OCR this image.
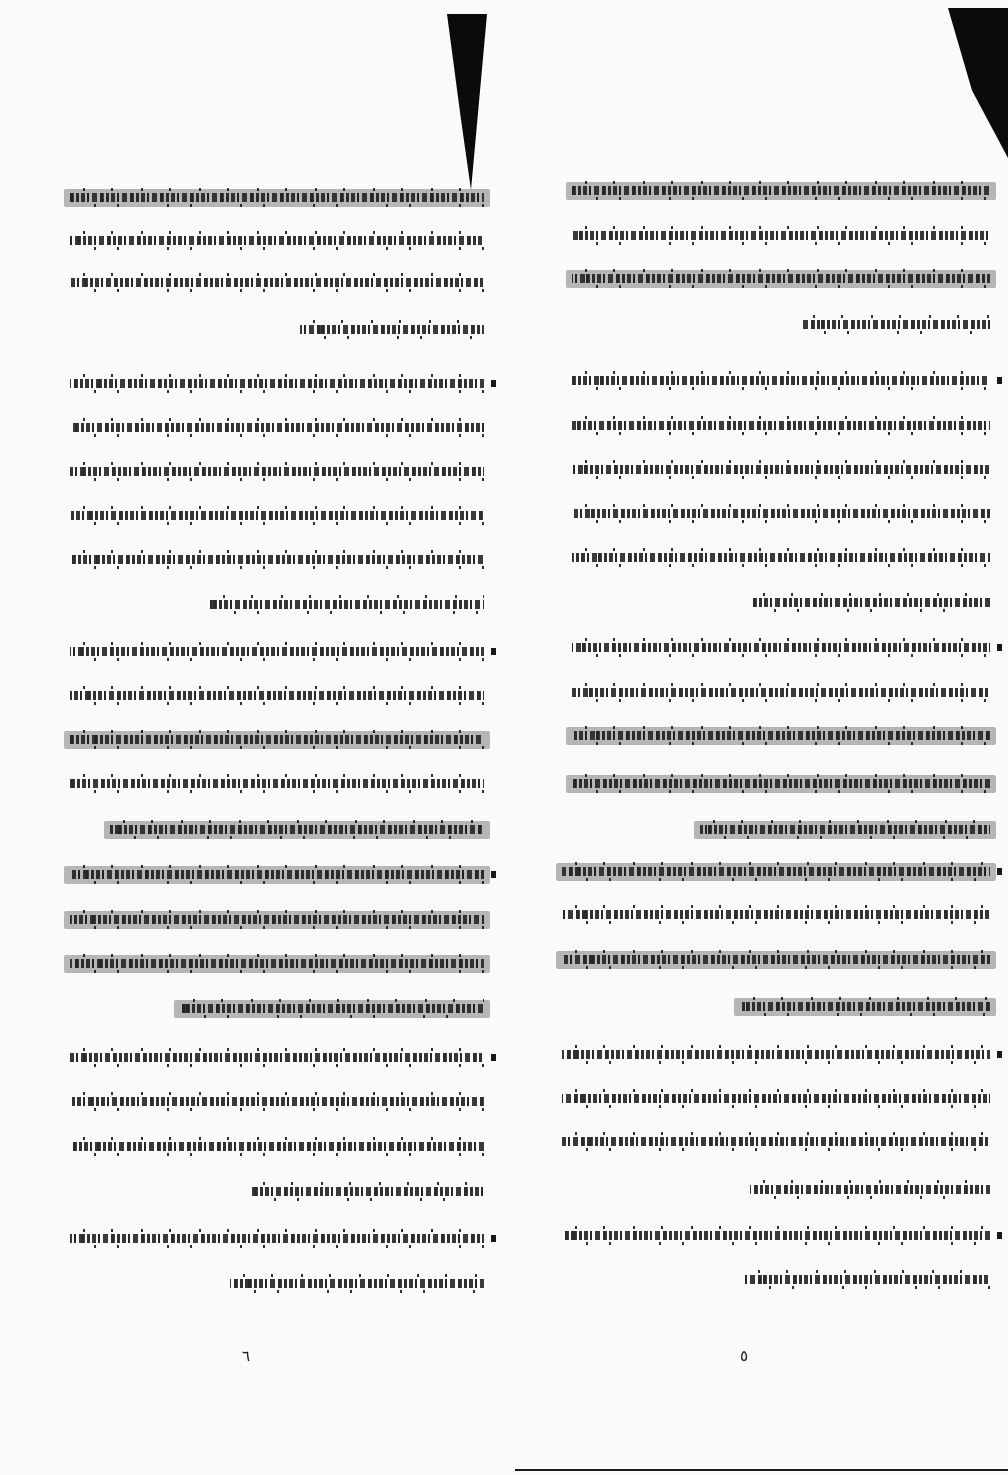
٦	٥
